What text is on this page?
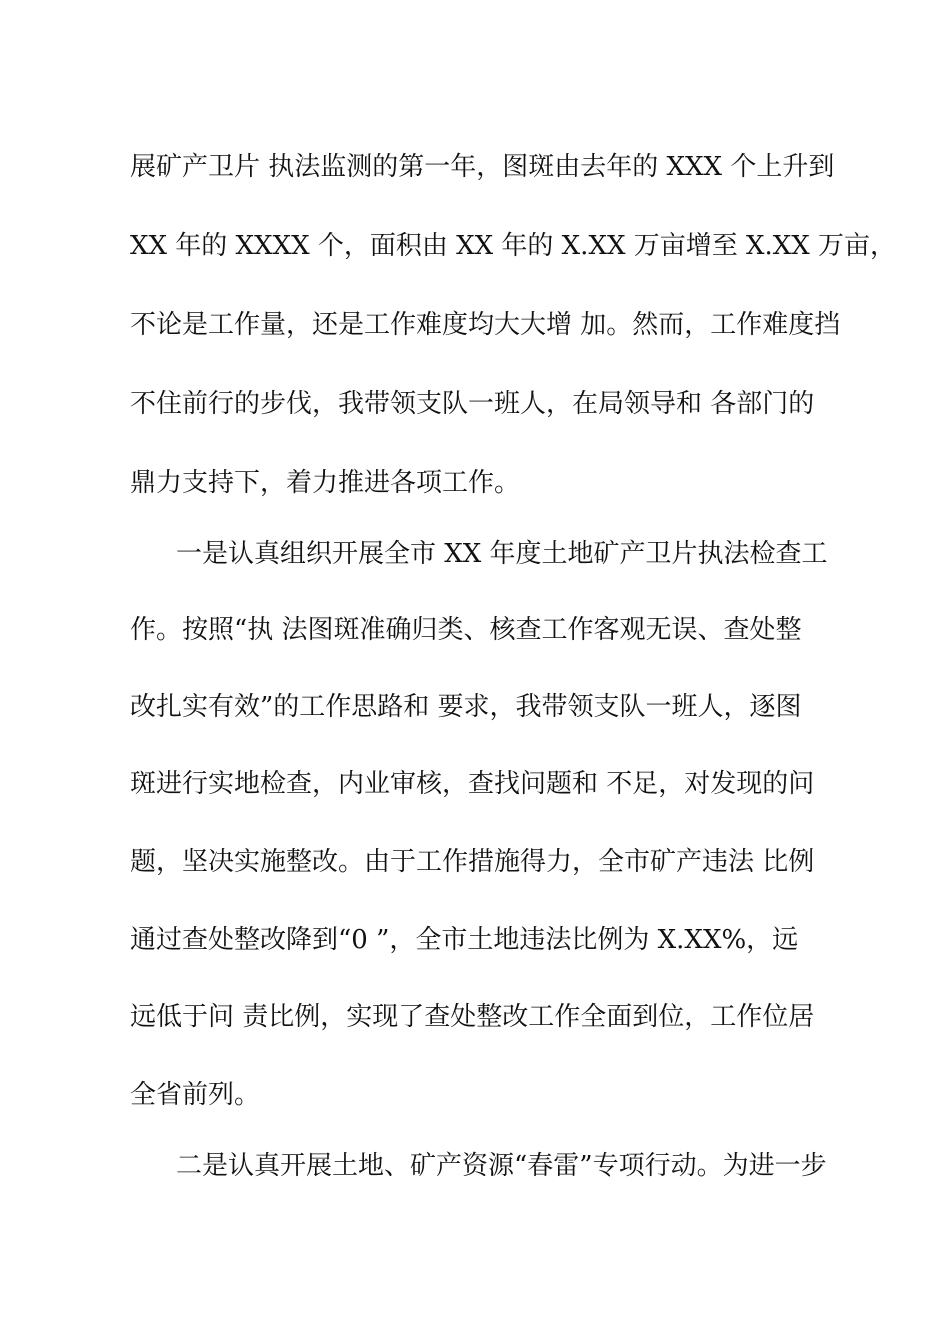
展矿产卫片 执法监测的第一年，图斑由去年的 XXX 个上升到
XX 年的 XXXX 个，面积由 XX 年的 X.XX 万亩增至 X.XX 万亩，
不论是工作量，还是工作难度均大大增 加。然而，工作难度挡
不住前行的步伐，我带领支队一班人，在局领导和 各部门的
鼎力支持下，着力推进各项工作。
一是认真组织开展全市 XX 年度土地矿产卫片执法检查工
作。按照“执 法图斑准确归类、核查工作客观无误、查处整
改扎实有效”的工作思路和 要求，我带领支队一班人，逐图
斑进行实地检查，内业审核，查找问题和 不足，对发现的问
题，坚决实施整改。由于工作措施得力，全市矿产违法 比例
通过查处整改降到“0 ”，全市土地违法比例为 X.XX%，远
远低于问 责比例，实现了查处整改工作全面到位，工作位居
全省前列。
二是认真开展土地、矿产资源“春雷”专项行动。为进一步
